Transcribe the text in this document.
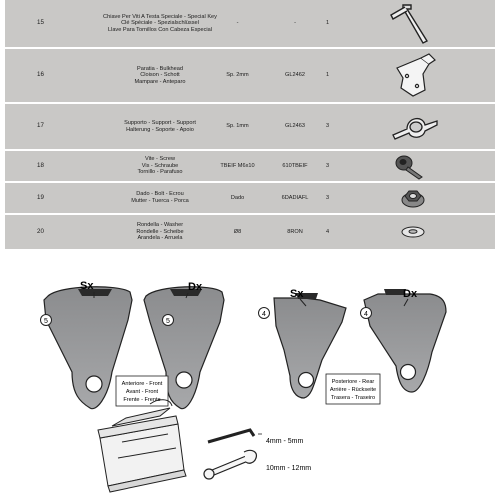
15
Chiave Per Viti A Testa Speciale - Special Key
Clé Spéciale - Spezialschlüssel
Llave Para Tornillos Con Cabeza Especial
-	-	1
16
Paratia - Bulkhead
Cloison - Schott
Mampare - Anteparo
Sp. 2mm	GL2462	1
17	Supporto - Support - Support
Halterung - Soporte - Apoio
Sp. 1mm	GL2463	3
18
Vite - Screw
Vis - Schraube
Tornillo - Parafuso
TBEIF M6x10	610TBEIF	3
19	Dado - Bolt - Ecrou
Mutter - Tuerca - Porca
Dado	6DADIAFL	3
20
Rondella - Washer
Rondelle - Scheibe
Arandela - Arruela
Ø8	8RON	4
Sx	Dx
5	5
Anteriore - Front
Avant - Front
Frente - Frente
Sx	Dx
4	4
Posteriore - Rear
Arrière - Rückseite
Trasera - Traseiro
4mm - 5mm
10mm - 12mm
